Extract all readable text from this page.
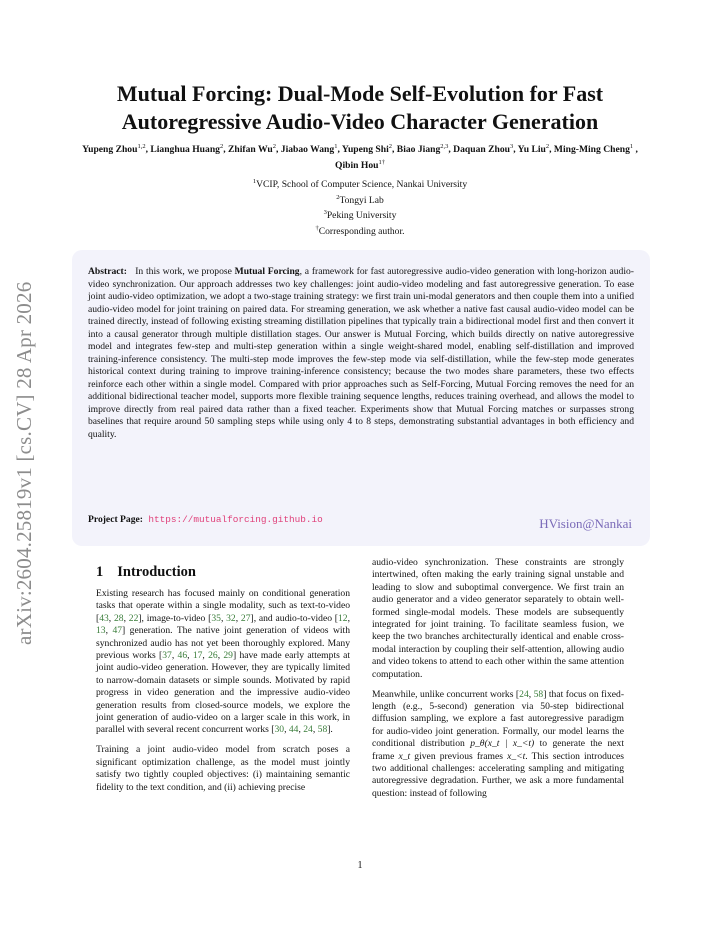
arXiv:2604.25819v1 [cs.CV] 28 Apr 2026
Mutual Forcing: Dual-Mode Self-Evolution for Fast
Autoregressive Audio-Video Character Generation
Yupeng Zhou$^{1,2}$, Lianghua Huang$^2$, Zhifan Wu$^2$, Jiabao Wang$^1$, Yupeng Shi$^2$, Biao Jiang$^{2,3}$, Daquan Zhou$^3$, Yu Liu$^2$, Ming-Ming Cheng$^1$ , Qibin Hou$^{1\dagger}$
$^1$VCIP, School of Computer Science, Nankai University
$^2$Tongyi Lab
$^3$Peking University
†Corresponding author.
Abstract: In this work, we propose Mutual Forcing, a framework for fast autoregressive audio-video generation with long-horizon audio-video synchronization. Our approach addresses two key challenges: joint audio-video modeling and fast autoregressive generation. To ease joint audio-video optimization, we adopt a two-stage training strategy: we first train uni-modal generators and then couple them into a unified audio-video model for joint training on paired data. For streaming generation, we ask whether a native fast causal audio-video model can be trained directly, instead of following existing streaming distillation pipelines that typically train a bidirectional model first and then convert it into a causal generator through multiple distillation stages. Our answer is Mutual Forcing, which builds directly on native autoregressive model and integrates few-step and multi-step generation within a single weight-shared model, enabling self-distillation and improved training-inference consistency. The multi-step mode improves the few-step mode via self-distillation, while the few-step mode generates historical context during training to improve training-inference consistency; because the two modes share parameters, these two effects reinforce each other within a single model. Compared with prior approaches such as Self-Forcing, Mutual Forcing removes the need for an additional bidirectional teacher model, supports more flexible training sequence lengths, reduces training overhead, and allows the model to improve directly from real paired data rather than a fixed teacher. Experiments show that Mutual Forcing matches or surpasses strong baselines that require around 50 sampling steps while using only 4 to 8 steps, demonstrating substantial advantages in both efficiency and quality.
Project Page: https://mutualforcing.github.io	HVision@Nankai
1 Introduction

Existing research has focused mainly on conditional generation tasks that operate within a single modality, such as text-to-video [43, 28, 22], image-to-video [35, 32, 27], and audio-to-video [12, 13, 47] generation. The native joint generation of videos with synchronized audio has not yet been thoroughly explored. Many previous works [37, 46, 17, 26, 29] have made early attempts at joint audio-video generation. However, they are typically limited to narrow-domain datasets or simple sounds. Motivated by rapid progress in video generation and the impressive audio-video generation results from closed-source models, we explore the joint generation of audio-video on a larger scale in this work, in parallel with several recent concurrent works [30, 44, 24, 58].

Training a joint audio-video model from scratch poses a significant optimization challenge, as the model must jointly satisfy two tightly coupled objectives: (i) maintaining semantic fidelity to the text condition, and (ii) achieving precise

audio-video synchronization. These constraints are strongly intertwined, often making the early training signal unstable and leading to slow and suboptimal convergence. We first train an audio generator and a video generator separately to obtain well-formed single-modal models. These models are subsequently integrated for joint training. To facilitate seamless fusion, we keep the two branches architecturally identical and enable cross-modal interaction by coupling their self-attention, allowing audio and video tokens to attend to each other within the same attention computation.

Meanwhile, unlike concurrent works [24, 58] that focus on fixed-length (e.g., 5-second) generation via 50-step bidirectional diffusion sampling, we explore a fast autoregressive paradigm for audio-video joint generation. Formally, our model learns the conditional distribution p_θ(x_t | x_<t) to generate the next frame x_t given previous frames x_<t. This section introduces two additional challenges: accelerating sampling and mitigating autoregressive degradation. Further, we ask a more fundamental question: instead of following

1
